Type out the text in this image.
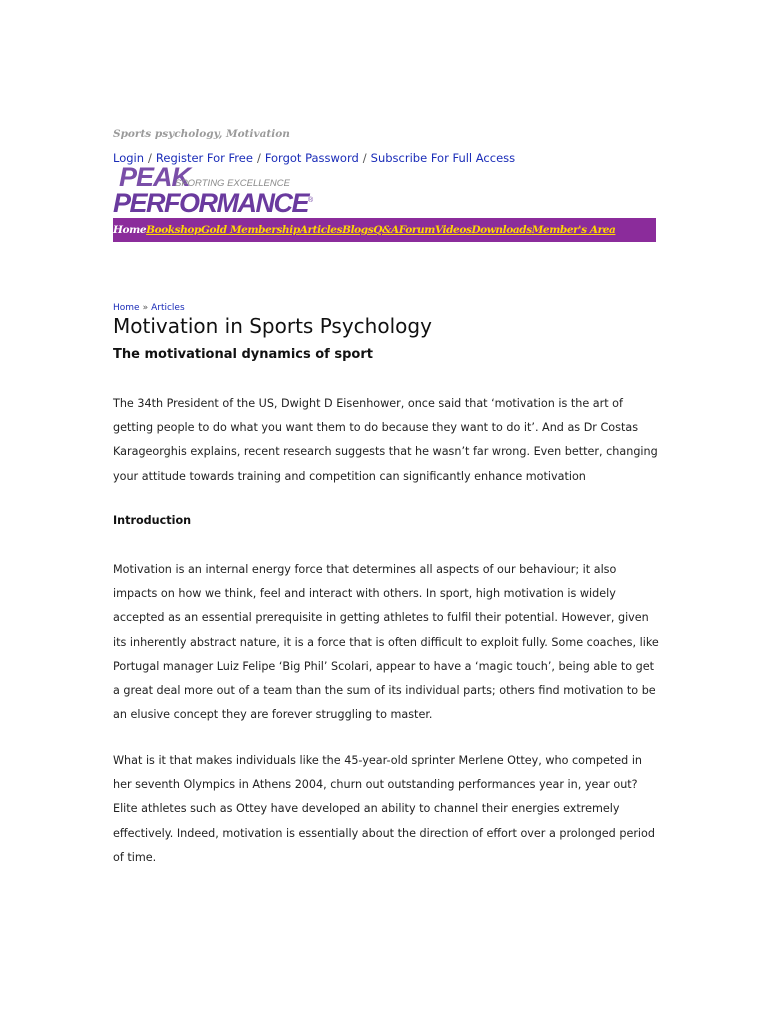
Sports psychology, Motivation
Login / Register For Free / Forgot Password / Subscribe For Full Access
PEAK
SPORTING EXCELLENCE
PERFORMANCE®
Home Bookshop Gold Membership Articles Blogs Q&A Forum Videos Downloads Member's Area
Home » Articles
Motivation in Sports Psychology
The motivational dynamics of sport

The 34th President of the US, Dwight D Eisenhower, once said that ‘motivation is the art of getting people to do what you want them to do because they want to do it’. And as Dr Costas Karageorghis explains, recent research suggests that he wasn’t far wrong. Even better, changing your attitude towards training and competition can significantly enhance motivation

Introduction

Motivation is an internal energy force that determines all aspects of our behaviour; it also impacts on how we think, feel and interact with others. In sport, high motivation is widely accepted as an essential prerequisite in getting athletes to fulfil their potential. However, given its inherently abstract nature, it is a force that is often difficult to exploit fully. Some coaches, like Portugal manager Luiz Felipe ‘Big Phil’ Scolari, appear to have a ‘magic touch’, being able to get a great deal more out of a team than the sum of its individual parts; others find motivation to be an elusive concept they are forever struggling to master.

What is it that makes individuals like the 45-year-old sprinter Merlene Ottey, who competed in her seventh Olympics in Athens 2004, churn out outstanding performances year in, year out? Elite athletes such as Ottey have developed an ability to channel their energies extremely effectively. Indeed, motivation is essentially about the direction of effort over a prolonged period of time.
